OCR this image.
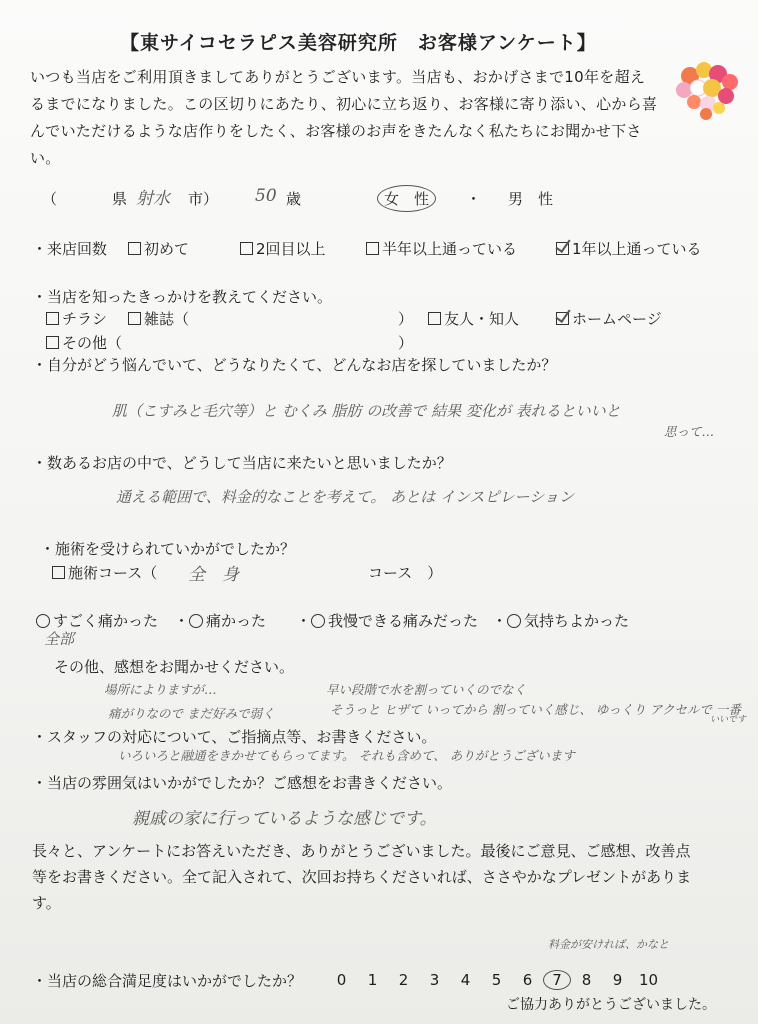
【東サイコセラピス美容研究所　お客様アンケート】
いつも当店をご利用頂きましてありがとうございます。当店も、おかげさまで10年を超えるまでになりました。この区切りにあたり、初心に立ち返り、お客様に寄り添い、心から喜んでいただけるような店作りをしたく、お客様のお声をきたんなく私たちにお聞かせ下さい。
（	県 射水 市） 50 歳	女　性 ・ 男　性
・来店回数	初めて	2回目以上	半年以上通っている	1年以上通っている
・当店を知ったきっかけを教えてください。
チラシ	雑誌（	）	友人・知人	ホームページ
その他（	）
・自分がどう悩んでいて、どうなりたくて、どんなお店を探していましたか？
肌（こすみと毛穴等）と むくみ 脂肪 の改善で 結果 変化が 表れるといいと
思って…
・数あるお店の中で、どうして当店に来たいと思いましたか？
通える範囲で、料金的なことを考えて。 あとは インスピレーション
・施術を受けられていかがでしたか？
施術コース（ 全　身	コース　）
すごく痛かった ・ 痛かった ・ 我慢できる痛みだった ・ 気持ちよかった
全部
その他、感想をお聞かせください。
場所によりますが…	早い段階で水を割っていくのでなく
痛がりなので まだ好みで弱く	そうっと ヒザて いってから 割っていく感じ、 ゆっくり アクセルで 一番
いいです
・スタッフの対応について、ご指摘点等、お書きください。
いろいろと融通をきかせてもらってます。 それも含めて、 ありがとうございます
・当店の雰囲気はいかがでしたか？ご感想をお書きください。
親戚の家に行っているような感じです。
長々と、アンケートにお答えいただき、ありがとうございました。最後にご意見、ご感想、改善点等をお書きください。全て記入されて、次回お持ちくださいれば、ささやかなプレゼントがあります。
料金が安ければ、かなと
・当店の総合満足度はいかがでしたか？	0 1 2 3 4 5 6 7 8 9 10
ご協力ありがとうございました。
